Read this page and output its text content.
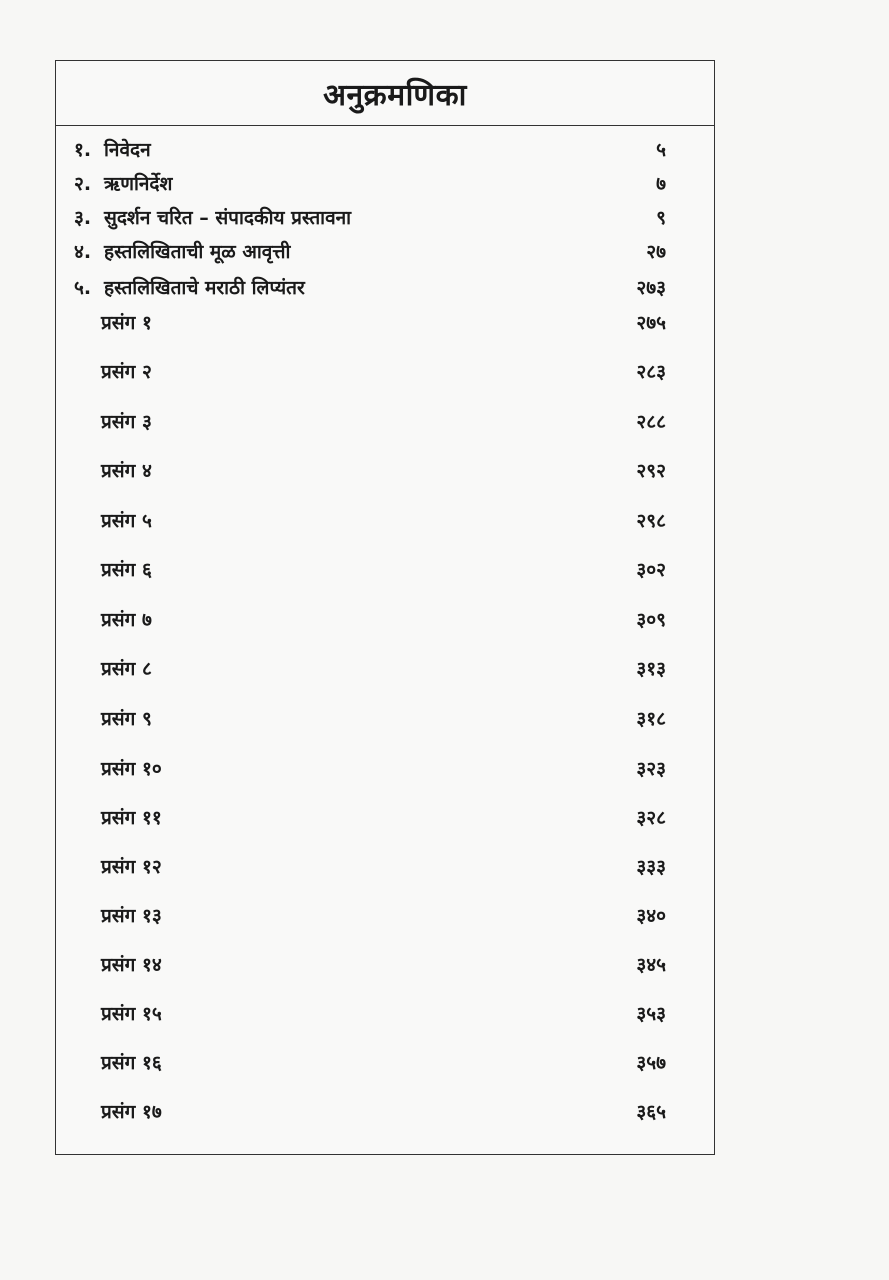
अनुक्रमणिका
१. निवेदन	५
२. ऋणनिर्देश	७
३. सुदर्शन चरित – संपादकीय प्रस्तावना	९
४. हस्तलिखिताची मूळ आवृत्ती	२७
५. हस्तलिखिताचे मराठी लिप्यंतर	२७३
प्रसंग १	२७५
प्रसंग २	२८३
प्रसंग ३	२८८
प्रसंग ४	२९२
प्रसंग ५	२९८
प्रसंग ६	३०२
प्रसंग ७	३०९
प्रसंग ८	३१३
प्रसंग ९	३१८
प्रसंग १०	३२३
प्रसंग ११	३२८
प्रसंग १२	३३३
प्रसंग १३	३४०
प्रसंग १४	३४५
प्रसंग १५	३५३
प्रसंग १६	३५७
प्रसंग १७	३६५
